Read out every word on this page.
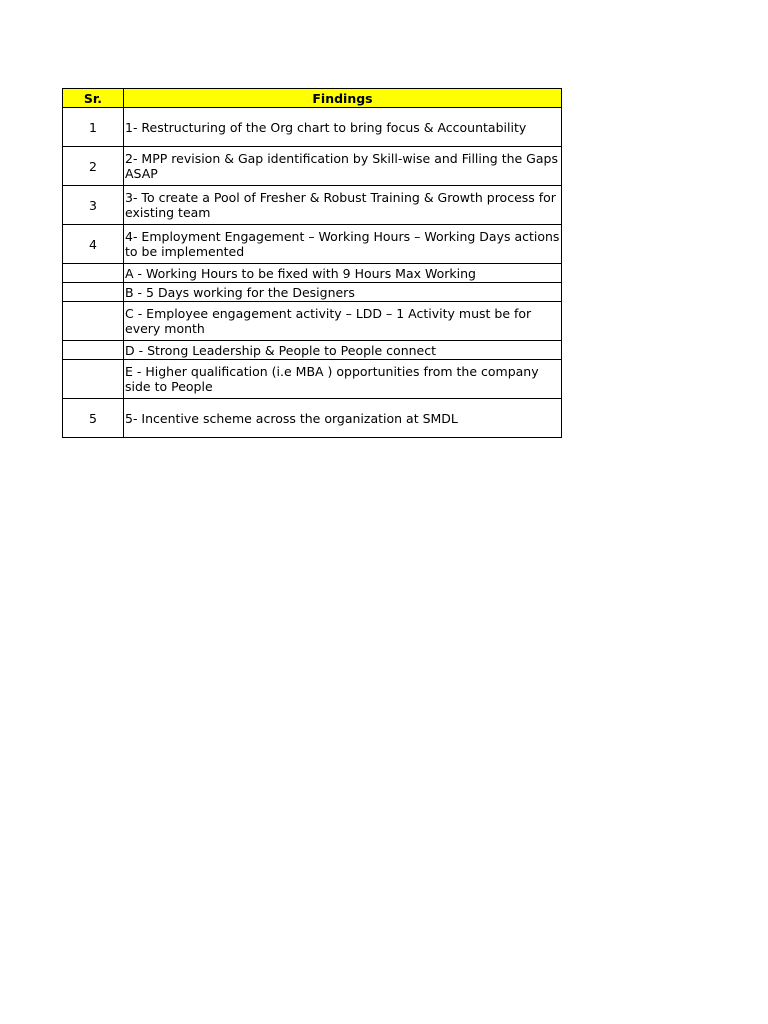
Sr.	Findings
1	1- Restructuring of the Org chart to bring focus & Accountability
2	2- MPP revision & Gap identification by Skill-wise and Filling the Gaps ASAP
3	3- To create a Pool of Fresher & Robust Training & Growth process for existing team
4	4- Employment Engagement – Working Hours – Working Days actions to be implemented
	A - Working Hours to be fixed with 9 Hours Max Working
	B - 5 Days working for the Designers
	C - Employee engagement activity – LDD – 1 Activity must be for every month
	D - Strong Leadership & People to People connect
	E - Higher qualification (i.e MBA ) opportunities from the company side to People
5	5- Incentive scheme across the organization at SMDL
